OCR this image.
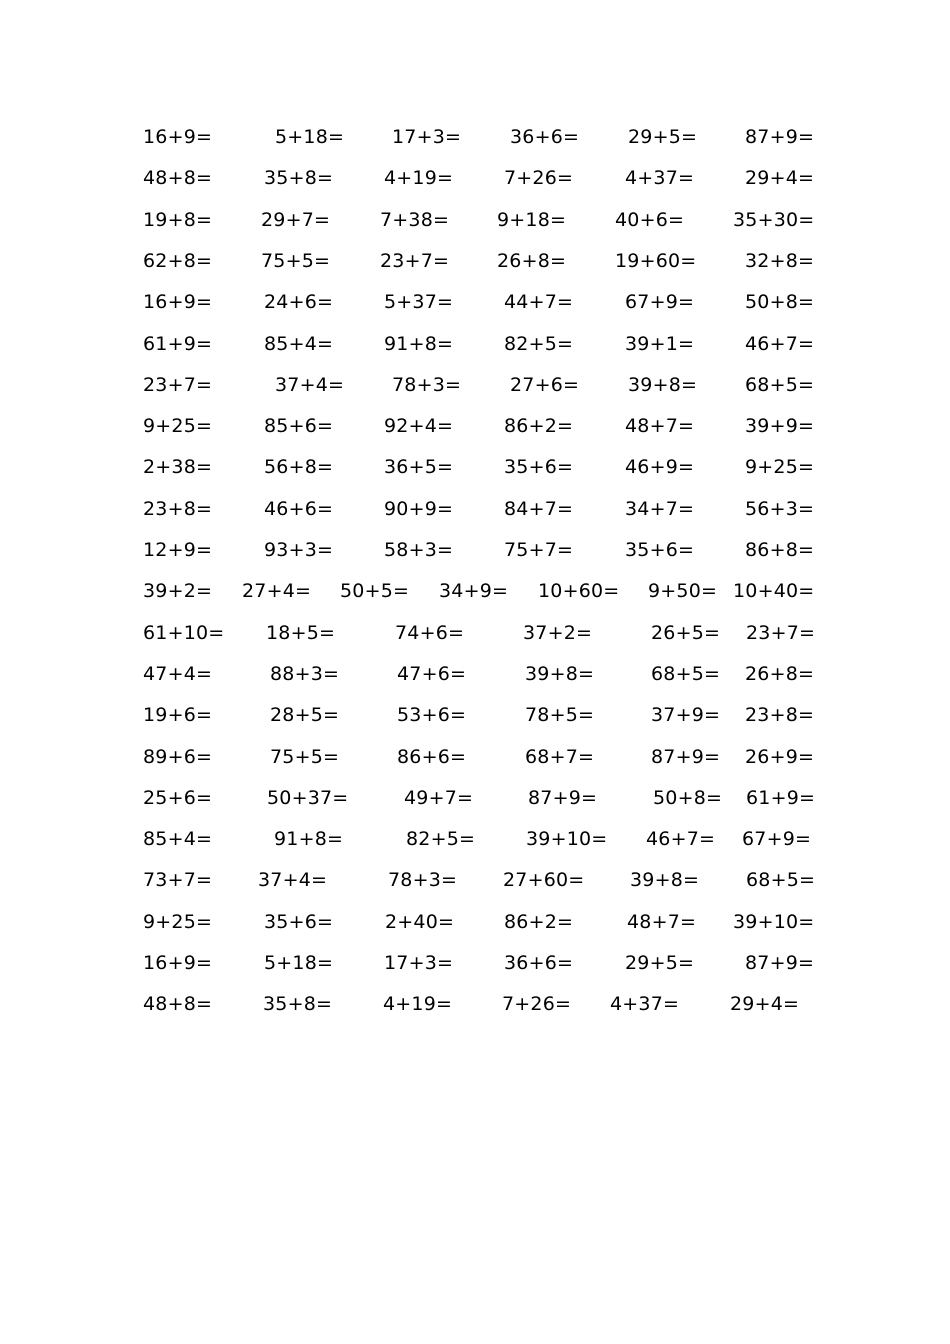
16+9=	5+18=	17+3=	36+6=	29+5=	87+9=
48+8=	35+8=	4+19=	7+26=	4+37=	29+4=
19+8=	29+7=	7+38=	9+18=	40+6=	35+30=
62+8=	75+5=	23+7=	26+8=	19+60=	32+8=
16+9=	24+6=	5+37=	44+7=	67+9=	50+8=
61+9=	85+4=	91+8=	82+5=	39+1=	46+7=
23+7=	37+4=	78+3=	27+6=	39+8=	68+5=
9+25=	85+6=	92+4=	86+2=	48+7=	39+9=
2+38=	56+8=	36+5=	35+6=	46+9=	9+25=
23+8=	46+6=	90+9=	84+7=	34+7=	56+3=
12+9=	93+3=	58+3=	75+7=	35+6=	86+8=
39+2= 27+4= 50+5= 34+9= 10+60= 9+50= 10+40=
61+10= 18+5=	74+6=	37+2=	26+5= 23+7=
47+4=	88+3=	47+6=	39+8=	68+5= 26+8=
19+6=	28+5=	53+6=	78+5=	37+9= 23+8=
89+6=	75+5=	86+6=	68+7=	87+9= 26+9=
25+6=	50+37=	49+7=	87+9=	50+8= 61+9=
85+4=	91+8=	82+5=	39+10= 46+7= 67+9=
73+7= 37+4=	78+3= 27+60= 39+8= 68+5=
9+25=	35+6=	2+40=	86+2=	48+7= 39+10=
16+9=	5+18=	17+3=	36+6=	29+5=	87+9=
48+8=	35+8=	4+19=	7+26= 4+37=	29+4=
